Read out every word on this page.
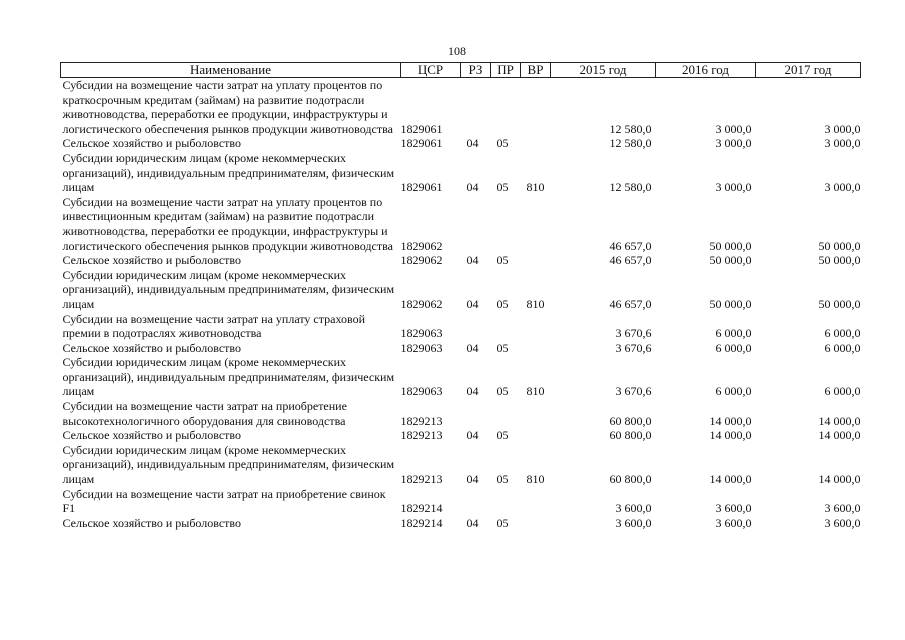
108
Наименование	ЦСР	РЗ	ПР	ВР	2015 год	2016 год	2017 год
Субсидии на возмещение части затрат на уплату процентов по краткосрочным кредитам (займам) на развитие подотрасли животноводства, переработки ее продукции, инфраструктуры и логистического обеспечения рынков продукции животноводства	1829061				12 580,0	3 000,0	3 000,0
Сельское хозяйство и рыболовство	1829061	04	05		12 580,0	3 000,0	3 000,0
Субсидии юридическим лицам (кроме некоммерческих организаций), индивидуальным предпринимателям, физическим лицам	1829061	04	05	810	12 580,0	3 000,0	3 000,0
Субсидии на возмещение части затрат на уплату процентов по инвестиционным кредитам (займам) на развитие подотрасли животноводства, переработки ее продукции, инфраструктуры и логистического обеспечения рынков продукции животноводства	1829062				46 657,0	50 000,0	50 000,0
Сельское хозяйство и рыболовство	1829062	04	05		46 657,0	50 000,0	50 000,0
Субсидии юридическим лицам (кроме некоммерческих организаций), индивидуальным предпринимателям, физическим лицам	1829062	04	05	810	46 657,0	50 000,0	50 000,0
Субсидии на возмещение части затрат на уплату страховой премии в подотраслях животноводства	1829063				3 670,6	6 000,0	6 000,0
Сельское хозяйство и рыболовство	1829063	04	05		3 670,6	6 000,0	6 000,0
Субсидии юридическим лицам (кроме некоммерческих организаций), индивидуальным предпринимателям, физическим лицам	1829063	04	05	810	3 670,6	6 000,0	6 000,0
Субсидии на возмещение части затрат на приобретение высокотехнологичного оборудования для свиноводства	1829213				60 800,0	14 000,0	14 000,0
Сельское хозяйство и рыболовство	1829213	04	05		60 800,0	14 000,0	14 000,0
Субсидии юридическим лицам (кроме некоммерческих организаций), индивидуальным предпринимателям, физическим лицам	1829213	04	05	810	60 800,0	14 000,0	14 000,0
Субсидии на возмещение части затрат на приобретение свинок F1	1829214				3 600,0	3 600,0	3 600,0
Сельское хозяйство и рыболовство	1829214	04	05		3 600,0	3 600,0	3 600,0
